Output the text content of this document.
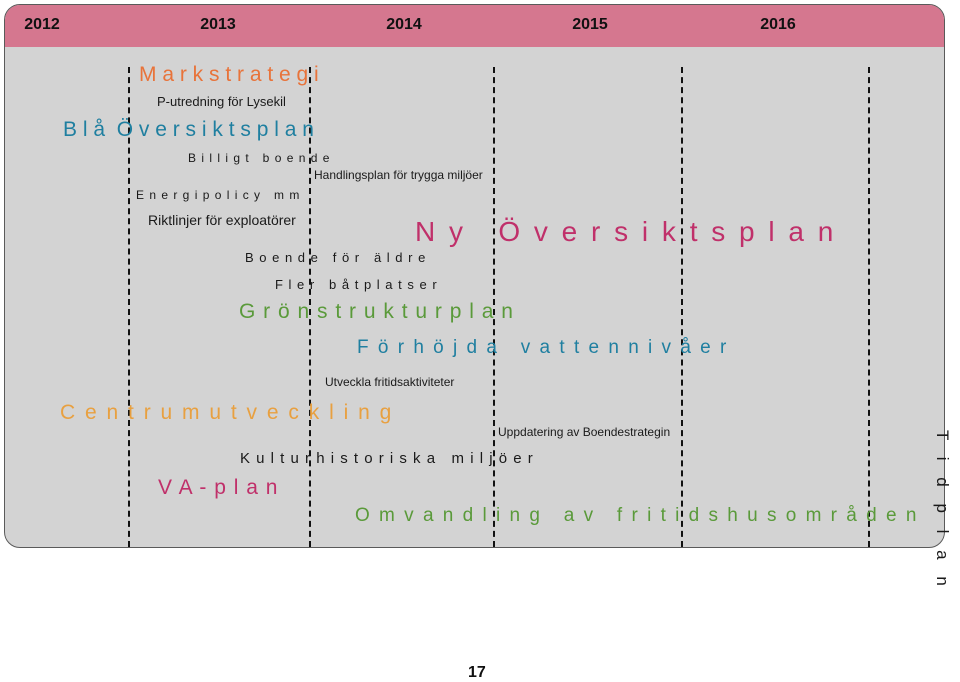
2012	2013	2014	2015	2016
M a r k s t r a t e g i
P-utredning för Lysekil
B l å  Ö v e r s i k t s p l a n
B i l l i g t   b o e n d e
Handlingsplan för trygga miljöer
E n e r g i p o l i c y   m m
Riktlinjer för exploatörer	N y   Ö v e r s i k t s p l a n
B o e n d e   f ö r   ä l d r e
F l e r   b å t p l a t s e r
G r ö n s t r u k t u r p l a n
F ö r h ö j d a   v a t t e n n i v å e r
Utveckla fritidsaktiviteter
C e n t r u m u t v e c k l i n g
Uppdatering av Boendestrategin
K u l t u r h i s t o r i s k a   m i l j ö e r
V A - p l a n
O m v a n d l i n g   a v   f r i t i d s h u s o m r å d e n T i d p l a n
17
